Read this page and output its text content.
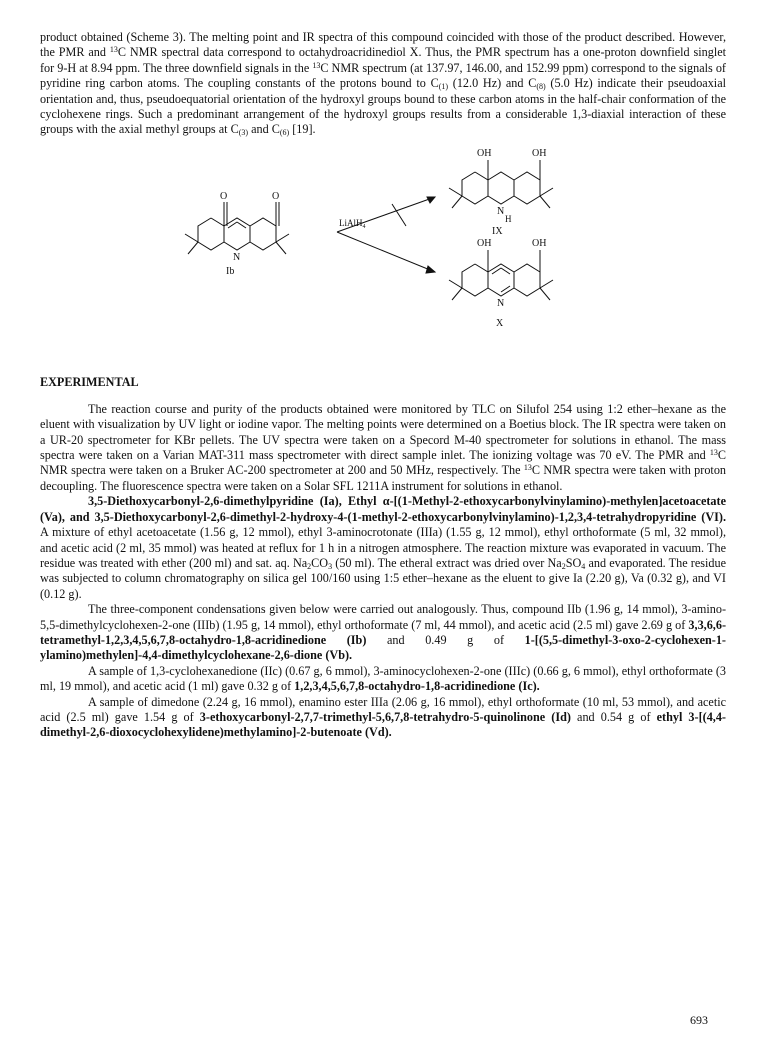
product obtained (Scheme 3). The melting point and IR spectra of this compound coincided with those of the product described. However, the PMR and $^{13}$C NMR spectral data correspond to octahydroacridinediol X. Thus, the PMR spectrum has a one-proton downfield singlet for 9-H at 8.94 ppm. The three downfield signals in the $^{13}$C NMR spectrum (at 137.97, 146.00, and 152.99 ppm) correspond to the signals of pyridine ring carbon atoms. The coupling constants of the protons bound to $C_{(1)}$ (12.0 Hz) and $C_{(8)}$ (5.0 Hz) indicate their pseudoaxial orientation and, thus, pseudoequatorial orientation of the hydroxyl groups bound to these carbon atoms in the half-chair conformation of the cyclohexene rings. Such a predominant arrangement of the hydroxyl groups results from a considerable 1,3-diaxial interaction of these groups with the axial methyl groups at $C_{(3)}$ and $C_{(6)}$ [19].

O	O
N
Ib
LiAlH$_4$
OH	OH
N
H
IX
OH	OH
N
X
EXPERIMENTAL

The reaction course and purity of the products obtained were monitored by TLC on Silufol 254 using 1:2 ether–hexane as the eluent with visualization by UV light or iodine vapor. The melting points were determined on a Boetius block. The IR spectra were taken on a UR-20 spectrometer for KBr pellets. The UV spectra were taken on a Specord M-40 spectrometer for solutions in ethanol. The mass spectra were taken on a Varian MAT-311 mass spectrometer with direct sample inlet. The ionizing voltage was 70 eV. The PMR and $^{13}$C NMR spectra were taken on a Bruker AC-200 spectrometer at 200 and 50 MHz, respectively. The $^{13}$C NMR spectra were taken with proton decoupling. The fluorescence spectra were taken on a Solar SFL 1211A instrument for solutions in ethanol.

3,5-Diethoxycarbonyl-2,6-dimethylpyridine (Ia), Ethyl α-[(1-Methyl-2-ethoxycarbonylvinylamino)-methylen]acetoacetate (Va), and 3,5-Diethoxycarbonyl-2,6-dimethyl-2-hydroxy-4-(1-methyl-2-ethoxycarbonylvinylamino)-1,2,3,4-tetrahydropyridine (VI). A mixture of ethyl acetoacetate (1.56 g, 12 mmol), ethyl 3-aminocrotonate (IIIa) (1.55 g, 12 mmol), ethyl orthoformate (5 ml, 32 mmol), and acetic acid (2 ml, 35 mmol) was heated at reflux for 1 h in a nitrogen atmosphere. The reaction mixture was evaporated in vacuum. The residue was treated with ether (200 ml) and sat. aq. $Na_2CO_3$ (50 ml). The etheral extract was dried over $Na_2SO_4$ and evaporated. The residue was subjected to column chromatography on silica gel 100/160 using 1:5 ether–hexane as the eluent to give Ia (2.20 g), Va (0.32 g), and VI (0.12 g).

The three-component condensations given below were carried out analogously. Thus, compound IIb (1.96 g, 14 mmol), 3-amino-5,5-dimethylcyclohexen-2-one (IIIb) (1.95 g, 14 mmol), ethyl orthoformate (7 ml, 44 mmol), and acetic acid (2.5 ml) gave 2.69 g of 3,3,6,6-tetramethyl-1,2,3,4,5,6,7,8-octahydro-1,8-acridinedione (Ib) and 0.49 g of 1-[(5,5-dimethyl-3-oxo-2-cyclohexen-1-ylamino)methylen]-4,4-dimethylcyclohexane-2,6-dione (Vb).

A sample of 1,3-cyclohexanedione (IIc) (0.67 g, 6 mmol), 3-aminocyclohexen-2-one (IIIc) (0.66 g, 6 mmol), ethyl orthoformate (3 ml, 19 mmol), and acetic acid (1 ml) gave 0.32 g of 1,2,3,4,5,6,7,8-octahydro-1,8-acridinedione (Ic).

A sample of dimedone (2.24 g, 16 mmol), enamino ester IIIa (2.06 g, 16 mmol), ethyl orthoformate (10 ml, 53 mmol), and acetic acid (2.5 ml) gave 1.54 g of 3-ethoxycarbonyl-2,7,7-trimethyl-5,6,7,8-tetrahydro-5-quinolinone (Id) and 0.54 g of ethyl 3-[(4,4-dimethyl-2,6-dioxocyclohexylidene)methylamino]-2-butenoate (Vd).

693
